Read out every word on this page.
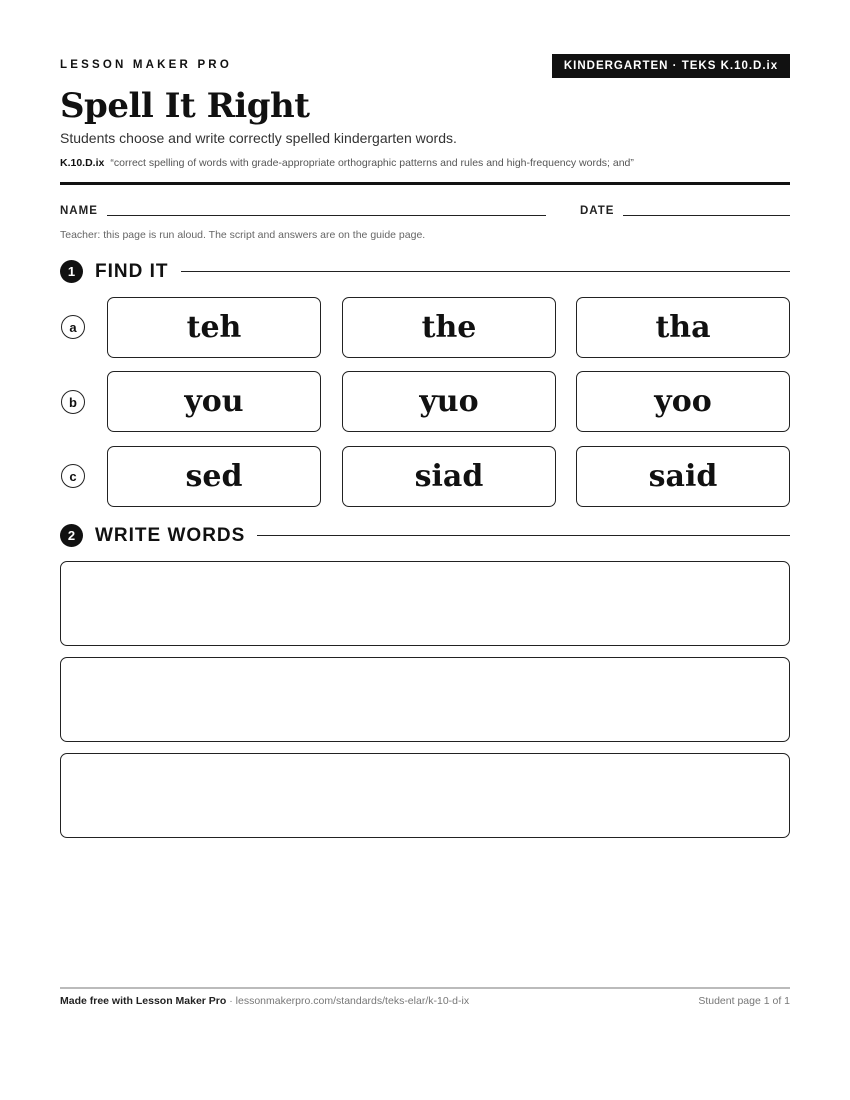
LESSON MAKER PRO	KINDERGARTEN · TEKS K.10.D.ix
Spell It Right
Students choose and write correctly spelled kindergarten words.
K.10.D.ix “correct spelling of words with grade-appropriate orthographic patterns and rules and high-frequency words; and”
NAME	DATE
Teacher: this page is run aloud. The script and answers are on the guide page.
1	FIND IT
a	teh	the	tha
b	you	yuo	yoo
c	sed	siad	said
2	WRITE WORDS
Made free with Lesson Maker Pro · lessonmakerpro.com/standards/teks-elar/k-10-d-ix	Student page 1 of 1
